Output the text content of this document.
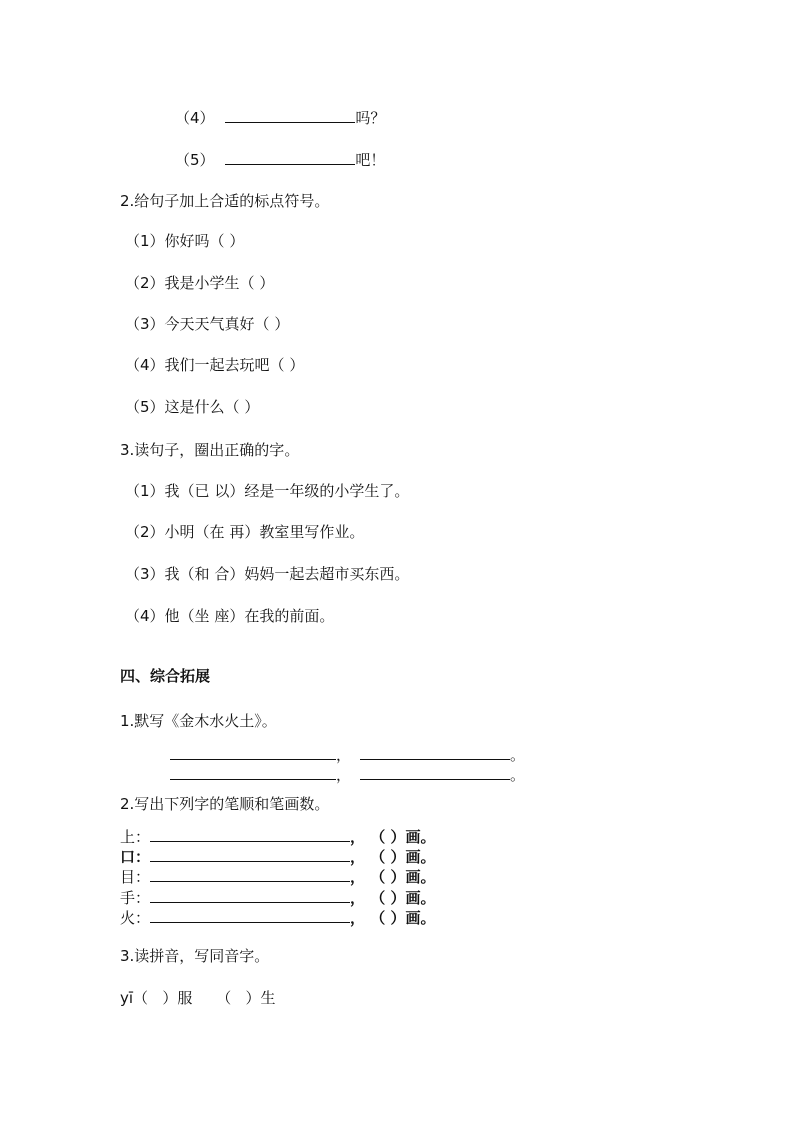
（4）	吗？
（5）	吧！
2.给句子加上合适的标点符号。
（1）你好吗（ ）
（2）我是小学生（ ）
（3）今天天气真好（ ）
（4）我们一起去玩吧（ ）
（5）这是什么（ ）
3.读句子，圈出正确的字。
（1）我（已 以）经是一年级的小学生了。
（2）小明（在 再）教室里写作业。
（3）我（和 合）妈妈一起去超市买东西。
（4）他（坐 座）在我的前面。
四、综合拓展
1.默写《金木水火土》。
，	。
，	。
2.写出下列字的笔顺和笔画数。
上：	， （ ）画。
口：	， （ ）画。
目：	， （ ）画。
手：	， （ ）画。
火：	， （ ）画。
3.读拼音，写同音字。
yī（   ）服     （   ）生
